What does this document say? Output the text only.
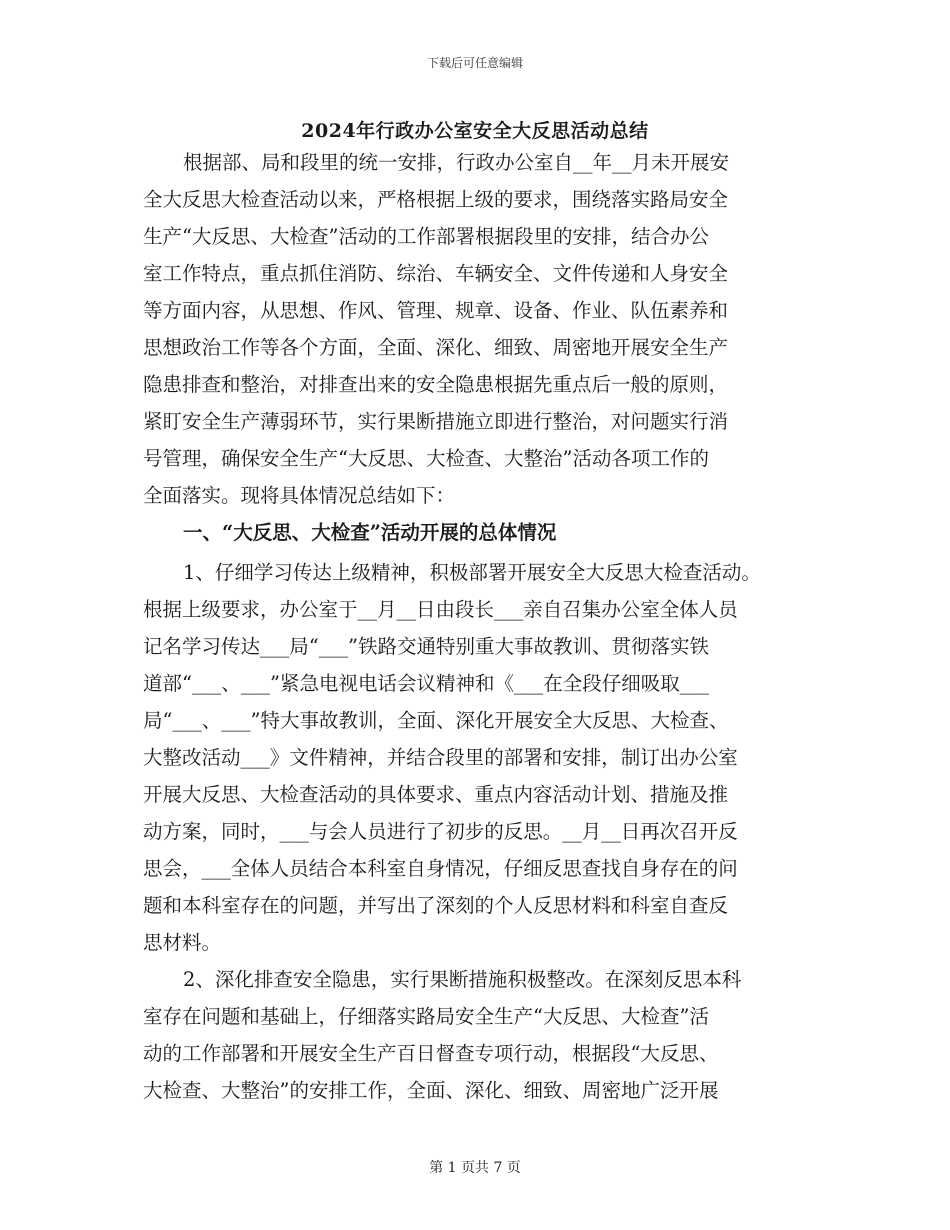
下载后可任意编辑
2024年行政办公室安全大反思活动总结
根据部、局和段里的统一安排，行政办公室自__年__月未开展安
全大反思大检查活动以来，严格根据上级的要求，围绕落实路局安全
生产“大反思、大检查”活动的工作部署根据段里的安排，结合办公
室工作特点，重点抓住消防、综治、车辆安全、文件传递和人身安全
等方面内容，从思想、作风、管理、规章、设备、作业、队伍素养和
思想政治工作等各个方面，全面、深化、细致、周密地开展安全生产
隐患排查和整治，对排查出来的安全隐患根据先重点后一般的原则，
紧盯安全生产薄弱环节，实行果断措施立即进行整治，对问题实行消
号管理，确保安全生产“大反思、大检查、大整治”活动各项工作的
全面落实。现将具体情况总结如下：
一、“大反思、大检查”活动开展的总体情况
1、仔细学习传达上级精神，积极部署开展安全大反思大检查活动。
根据上级要求，办公室于__月__日由段长___亲自召集办公室全体人员
记名学习传达___局“___”铁路交通特别重大事故教训、贯彻落实铁
道部“___、___”紧急电视电话会议精神和《___在全段仔细吸取___
局“___、___”特大事故教训，全面、深化开展安全大反思、大检查、
大整改活动___》文件精神，并结合段里的部署和安排，制订出办公室
开展大反思、大检查活动的具体要求、重点内容活动计划、措施及推
动方案，同时，___与会人员进行了初步的反思。__月__日再次召开反
思会，___全体人员结合本科室自身情况，仔细反思查找自身存在的问
题和本科室存在的问题，并写出了深刻的个人反思材料和科室自查反
思材料。
2、深化排查安全隐患，实行果断措施积极整改。在深刻反思本科
室存在问题和基础上，仔细落实路局安全生产“大反思、大检查”活
动的工作部署和开展安全生产百日督查专项行动，根据段“大反思、
大检查、大整治”的安排工作，全面、深化、细致、周密地广泛开展
第 1 页共 7 页
